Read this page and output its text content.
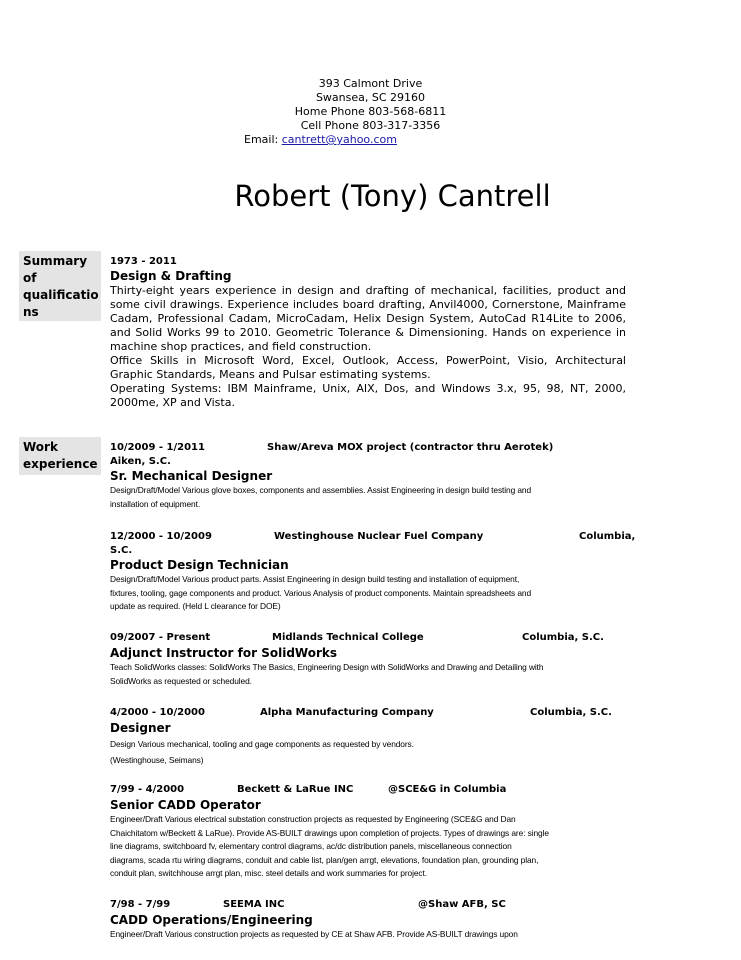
393 Calmont Drive
Swansea, SC 29160
Home Phone 803-568-6811
Cell Phone 803-317-3356
Email: cantrett@yahoo.com
Robert (Tony) Cantrell
Summary of qualificatio ns
1973 - 2011
Design & Drafting
Thirty-eight years experience in design and drafting of mechanical, facilities, product and some civil drawings. Experience includes board drafting, Anvil4000, Cornerstone, Mainframe Cadam, Professional Cadam, MicroCadam, Helix Design System, AutoCad R14Lite to 2006, and Solid Works 99 to 2010. Geometric Tolerance & Dimensioning. Hands on experience in machine shop practices, and field construction.
Office Skills in Microsoft Word, Excel, Outlook, Access, PowerPoint, Visio, Architectural Graphic Standards, Means and Pulsar estimating systems.
Operating Systems: IBM Mainframe, Unix, AIX, Dos, and Windows 3.x, 95, 98, NT, 2000, 2000me, XP and Vista.
Work experience
10/2009 - 1/2011	Shaw/Areva MOX project (contractor thru Aerotek)
Aiken, S.C.
Sr. Mechanical Designer
Design/Draft/Model Various glove boxes, components and assemblies. Assist Engineering in design build testing and
installation of equipment.
12/2000 - 10/2009	Westinghouse Nuclear Fuel Company	Columbia,
S.C.
Product Design Technician
Design/Draft/Model Various product parts. Assist Engineering in design build testing and installation of equipment,
fixtures, tooling, gage components and product. Various Analysis of product components. Maintain spreadsheets and
update as required. (Held L clearance for DOE)
09/2007 - Present	Midlands Technical College	Columbia, S.C.
Adjunct Instructor for SolidWorks
Teach SolidWorks classes: SolidWorks The Basics, Engineering Design with SolidWorks and Drawing and Detailing with
SolidWorks as requested or scheduled.
4/2000 - 10/2000	Alpha Manufacturing Company	Columbia, S.C.
Designer
Design Various mechanical, tooling and gage components as requested by vendors.
(Westinghouse, Seimans)
7/99 - 4/2000	Beckett & LaRue INC	@SCE&G in Columbia
Senior CADD Operator
Engineer/Draft Various electrical substation construction projects as requested by Engineering (SCE&G and Dan
Chaichitatom w/Beckett & LaRue). Provide AS-BUILT drawings upon completion of projects. Types of drawings are: single
line diagrams, switchboard fv, elementary control diagrams, ac/dc distribution panels, miscellaneous connection
diagrams, scada rtu wiring diagrams, conduit and cable list, plan/gen arrgt, elevations, foundation plan, grounding plan,
conduit plan, switchhouse arrgt plan, misc. steel details and work summaries for project.
7/98 - 7/99	SEEMA INC	@Shaw AFB, SC
CADD Operations/Engineering
Engineer/Draft Various construction projects as requested by CE at Shaw AFB. Provide AS-BUILT drawings upon
